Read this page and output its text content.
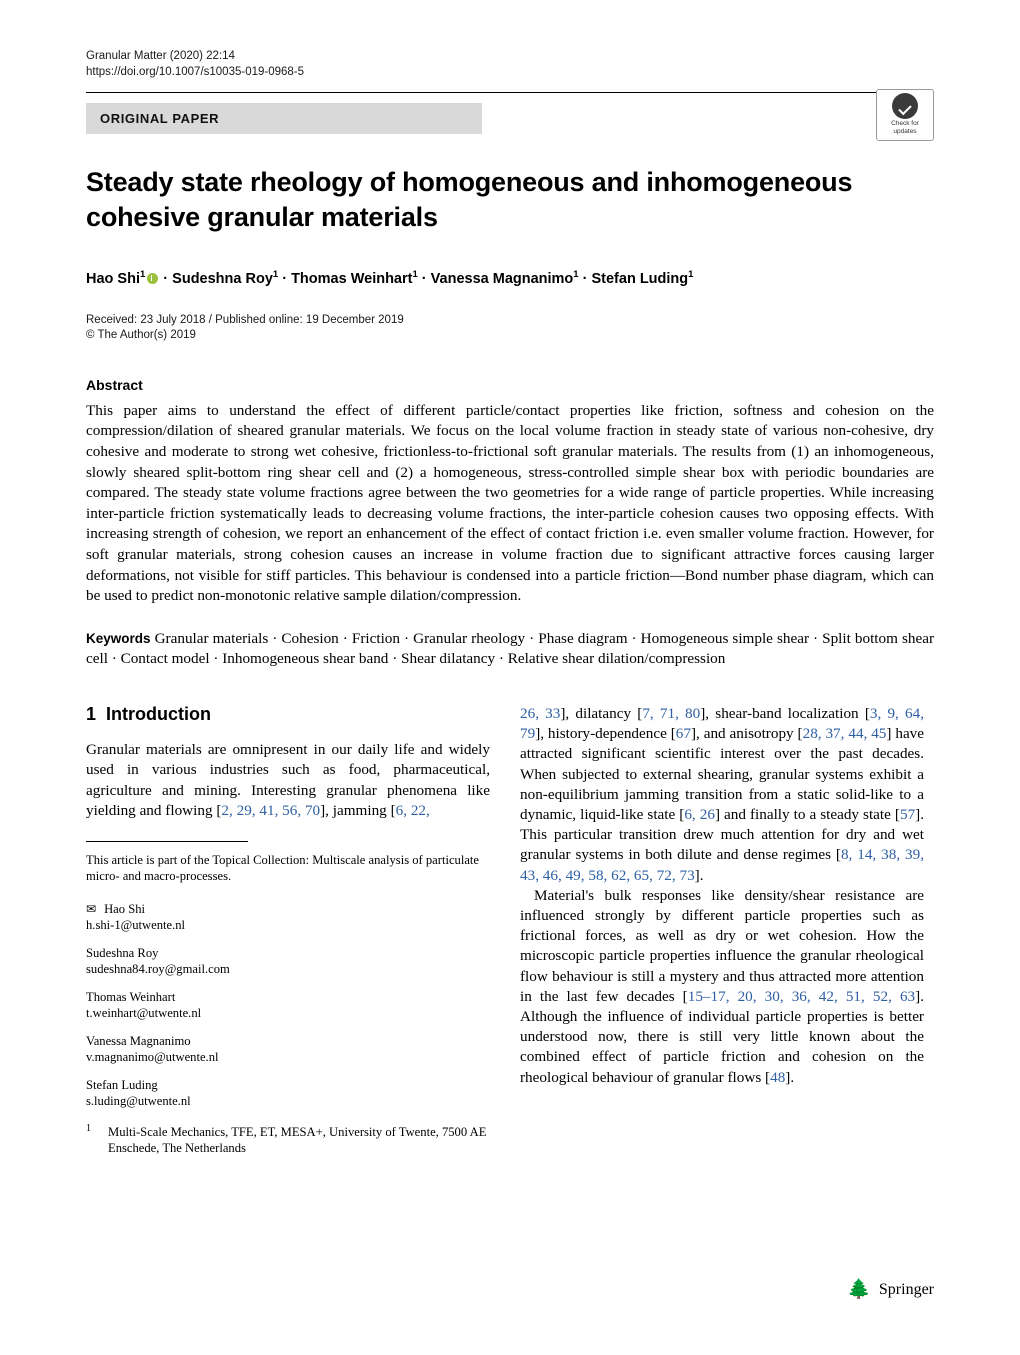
Granular Matter (2020) 22:14
https://doi.org/10.1007/s10035-019-0968-5
ORIGINAL PAPER	Check for
updates
Steady state rheology of homogeneous and inhomogeneous cohesive granular materials
Hao Shi$^1$ · Sudeshna Roy$^1$ · Thomas Weinhart$^1$ · Vanessa Magnanimo$^1$ · Stefan Luding$^1$
Received: 23 July 2018 / Published online: 19 December 2019
© The Author(s) 2019
Abstract

This paper aims to understand the effect of different particle/contact properties like friction, softness and cohesion on the compression/dilation of sheared granular materials. We focus on the local volume fraction in steady state of various non-cohesive, dry cohesive and moderate to strong wet cohesive, frictionless-to-frictional soft granular materials. The results from (1) an inhomogeneous, slowly sheared split-bottom ring shear cell and (2) a homogeneous, stress-controlled simple shear box with periodic boundaries are compared. The steady state volume fractions agree between the two geometries for a wide range of particle properties. While increasing inter-particle friction systematically leads to decreasing volume fractions, the inter-particle cohesion causes two opposing effects. With increasing strength of cohesion, we report an enhancement of the effect of contact friction i.e. even smaller volume fraction. However, for soft granular materials, strong cohesion causes an increase in volume fraction due to significant attractive forces causing larger deformations, not visible for stiff particles. This behaviour is condensed into a particle friction—Bond number phase diagram, which can be used to predict non-monotonic relative sample dilation/compression.

Keywords Granular materials · Cohesion · Friction · Granular rheology · Phase diagram · Homogeneous simple shear · Split bottom shear cell · Contact model · Inhomogeneous shear band · Shear dilatancy · Relative shear dilation/compression
1 Introduction

Granular materials are omnipresent in our daily life and widely used in various industries such as food, pharmaceutical, agriculture and mining. Interesting granular phenomena like yielding and flowing [2, 29, 41, 56, 70], jamming [6, 22,

This article is part of the Topical Collection: Multiscale analysis of particulate micro- and macro-processes.
✉ Hao Shi
h.shi-1@utwente.nl
Sudeshna Roy
sudeshna84.roy@gmail.com
Thomas Weinhart
t.weinhart@utwente.nl
Vanessa Magnanimo
v.magnanimo@utwente.nl
Stefan Luding
s.luding@utwente.nl
1 Multi-Scale Mechanics, TFE, ET, MESA+, University of Twente, 7500 AE Enschede, The Netherlands

26, 33], dilatancy [7, 71, 80], shear-band localization [3, 9, 64, 79], history-dependence [67], and anisotropy [28, 37, 44, 45] have attracted significant scientific interest over the past decades. When subjected to external shearing, granular systems exhibit a non-equilibrium jamming transition from a static solid-like to a dynamic, liquid-like state [6, 26] and finally to a steady state [57]. This particular transition drew much attention for dry and wet granular systems in both dilute and dense regimes [8, 14, 38, 39, 43, 46, 49, 58, 62, 65, 72, 73].

Material's bulk responses like density/shear resistance are influenced strongly by different particle properties such as frictional forces, as well as dry or wet cohesion. How the microscopic particle properties influence the granular rheological flow behaviour is still a mystery and thus attracted more attention in the last few decades [15–17, 20, 30, 36, 42, 51, 52, 63]. Although the influence of individual particle properties is better understood now, there is still very little known about the combined effect of particle friction and cohesion on the rheological behaviour of granular flows [48].

🌲 Springer
